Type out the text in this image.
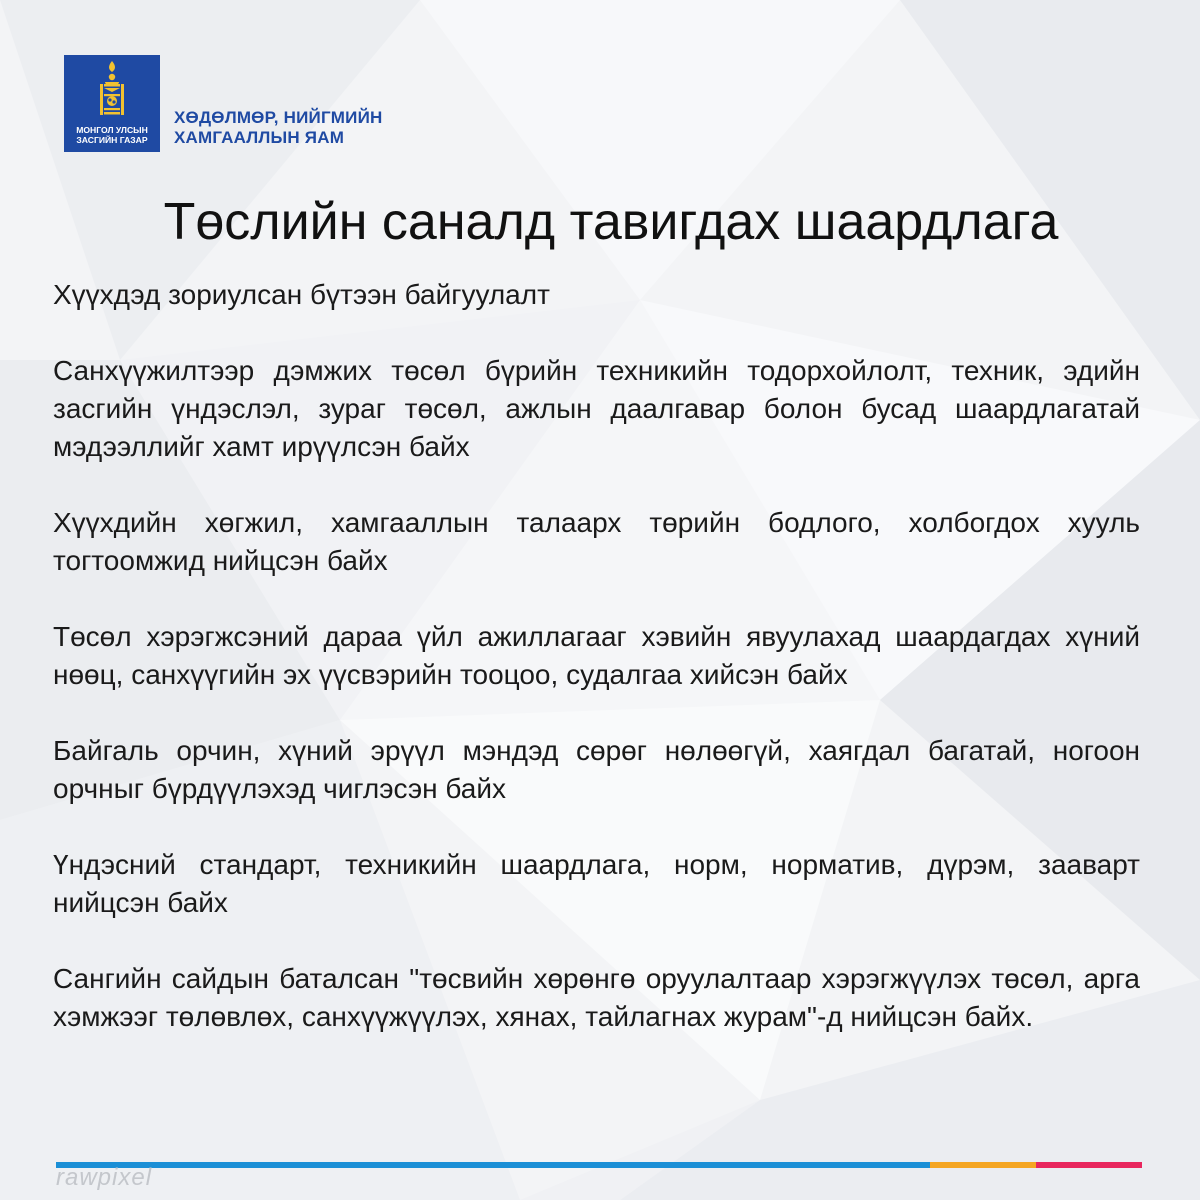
МОНГОЛ УЛСЫН
ЗАСГИЙН ГАЗАР
ХӨДӨЛМӨР, НИЙГМИЙН
ХАМГААЛЛЫН ЯАМ
Төслийн саналд тавигдах шаардлага

Хүүхдэд зориулсан бүтээн байгуулалт

Санхүүжилтээр дэмжих төсөл бүрийн техникийн тодорхойлолт, техник, эдийн засгийн үндэслэл, зураг төсөл, ажлын даалгавар болон бусад шаардлагатай мэдээллийг хамт ирүүлсэн байх

Хүүхдийн хөгжил, хамгааллын талаарх төрийн бодлого, холбогдох хууль тогтоомжид нийцсэн байх

Төсөл хэрэгжсэний дараа үйл ажиллагааг хэвийн явуулахад шаардагдах хүний нөөц, санхүүгийн эх үүсвэрийн тооцоо, судалгаа хийсэн байх

Байгаль орчин, хүний эрүүл мэндэд сөрөг нөлөөгүй, хаягдал багатай, ногоон орчныг бүрдүүлэхэд чиглэсэн байх

Үндэсний стандарт, техникийн шаардлага, норм, норматив, дүрэм, зааварт нийцсэн байх

Сангийн сайдын баталсан "төсвийн хөрөнгө оруулалтаар хэрэгжүүлэх төсөл, арга хэмжээг төлөвлөх, санхүүжүүлэх, хянах, тайлагнах журам"-д нийцсэн байх.

rawpixel
